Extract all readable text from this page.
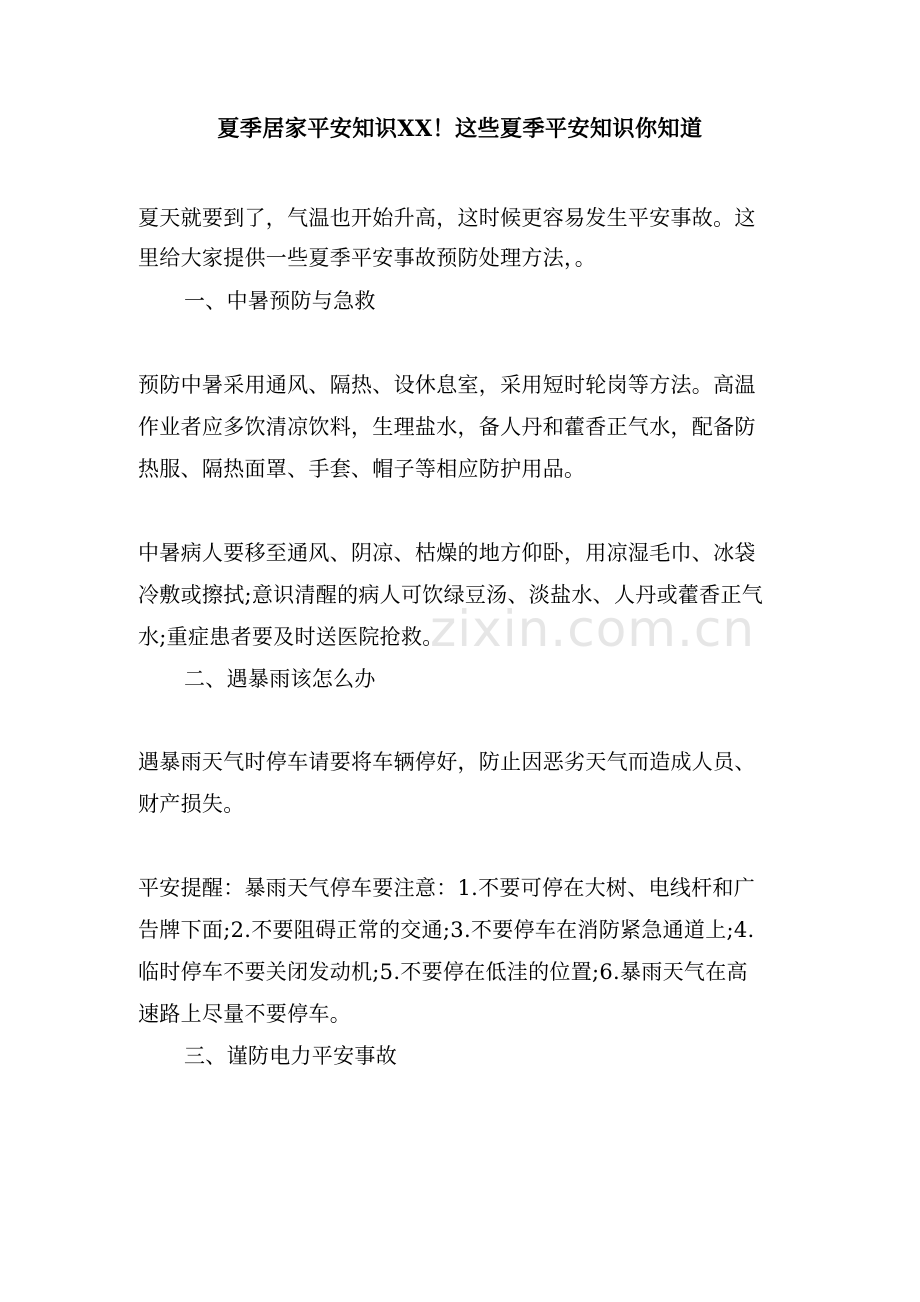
zixin.com.cn
夏季居家平安知识XX！这些夏季平安知识你知道
夏天就要到了，气温也开始升高，这时候更容易发生平安事故。这
里给大家提供一些夏季平安事故预防处理方法，。
一、中暑预防与急救
预防中暑采用通风、隔热、设休息室，采用短时轮岗等方法。高温
作业者应多饮清凉饮料，生理盐水，备人丹和藿香正气水，配备防
热服、隔热面罩、手套、帽子等相应防护用品。
中暑病人要移至通风、阴凉、枯燥的地方仰卧，用凉湿毛巾、冰袋
冷敷或擦拭;意识清醒的病人可饮绿豆汤、淡盐水、人丹或藿香正气
水;重症患者要及时送医院抢救。
二、遇暴雨该怎么办
遇暴雨天气时停车请要将车辆停好，防止因恶劣天气而造成人员、
财产损失。
平安提醒：暴雨天气停车要注意：1.不要可停在大树、电线杆和广
告牌下面;2.不要阻碍正常的交通;3.不要停车在消防紧急通道上;4.
临时停车不要关闭发动机;5.不要停在低洼的位置;6.暴雨天气在高
速路上尽量不要停车。
三、谨防电力平安事故
